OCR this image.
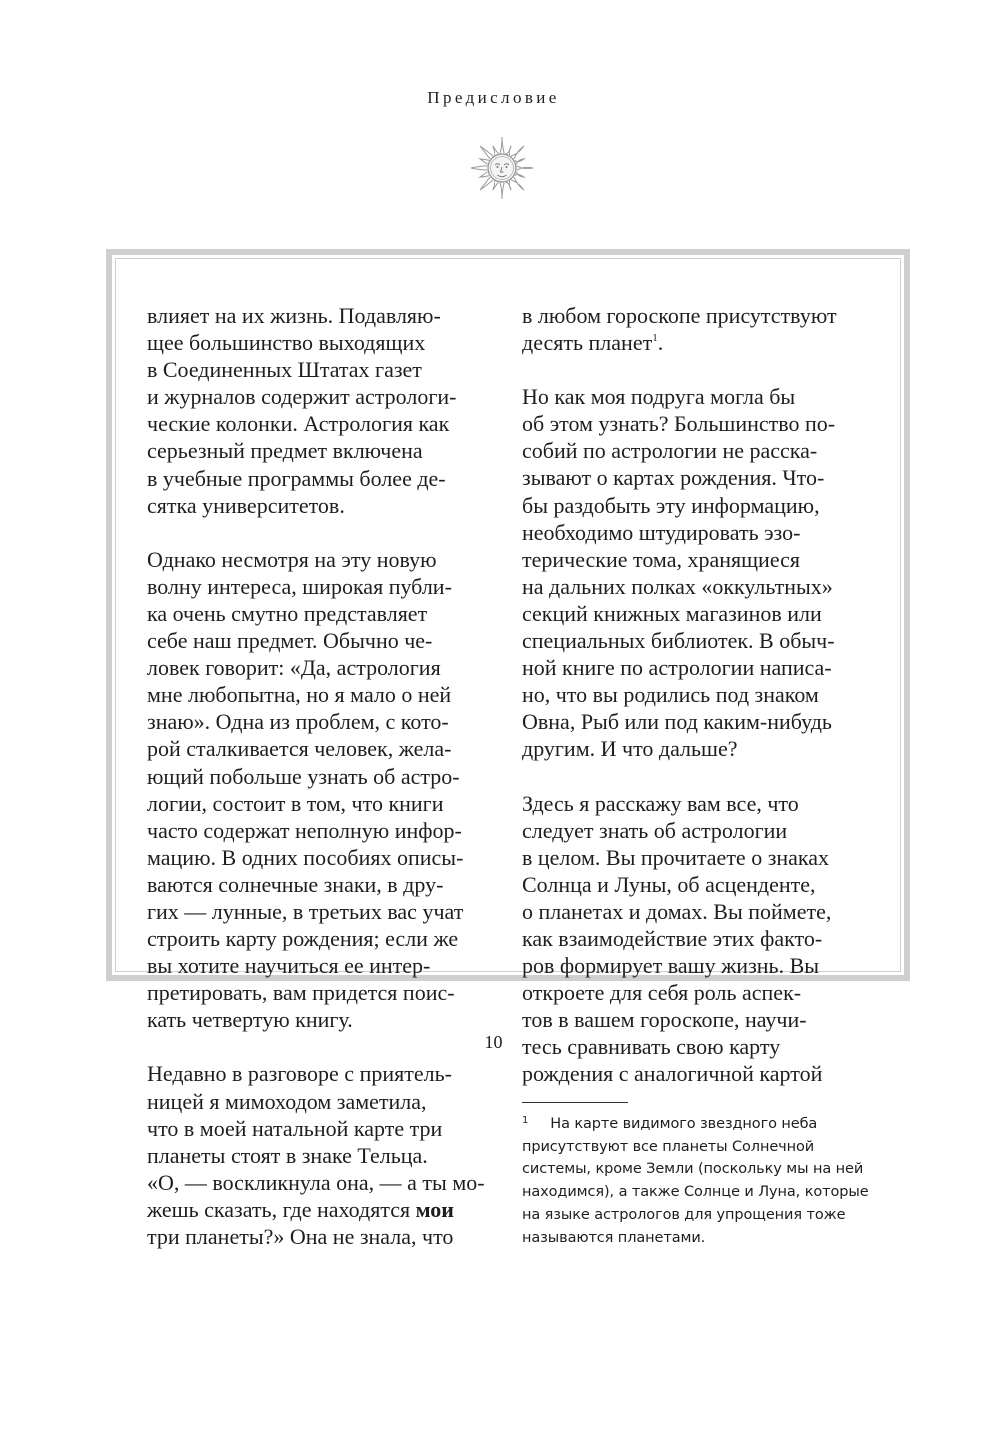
Предисловие

влияет на их жизнь. Подавляю-
щее большинство выходящих
в Соединенных Штатах газет
и журналов содержит астрологи-
ческие колонки. Астрология как
серьезный предмет включена
в учебные программы более де-
сятка университетов.

Однако несмотря на эту новую
волну интереса, широкая публи-
ка очень смутно представляет
себе наш предмет. Обычно че-
ловек говорит: «Да, астрология
мне любопытна, но я мало о ней
знаю». Одна из проблем, с кото-
рой сталкивается человек, жела-
ющий побольше узнать об астро-
логии, состоит в том, что книги
часто содержат неполную инфор-
мацию. В одних пособиях описы-
ваются солнечные знаки, в дру-
гих — лунные, в третьих вас учат
строить карту рождения; если же
вы хотите научиться ее интер-
претировать, вам придется поис-
кать четвертую книгу.

Недавно в разговоре с приятель-
ницей я мимоходом заметила,
что в моей натальной карте три
планеты стоят в знаке Тельца.
«О, — воскликнула она, — а ты мо-
жешь сказать, где находятся мои
три планеты?» Она не знала, что

в любом гороскопе присутствуют
десять планет$^1$.

Но как моя подруга могла бы
об этом узнать? Большинство по-
собий по астрологии не расска-
зывают о картах рождения. Что-
бы раздобыть эту информацию,
необходимо штудировать эзо-
терические тома, хранящиеся
на дальних полках «оккультных»
секций книжных магазинов или
специальных библиотек. В обыч-
ной книге по астрологии написа-
но, что вы родились под знаком
Овна, Рыб или под каким-нибудь
другим. И что дальше?

Здесь я расскажу вам все, что
следует знать об астрологии
в целом. Вы прочитаете о знаках
Солнца и Луны, об асценденте,
о планетах и домах. Вы поймете,
как взаимодействие этих факто-
ров формирует вашу жизнь. Вы
откроете для себя роль аспек-
тов в вашем гороскопе, научи-
тесь сравнивать свою карту
рождения с аналогичной картой

$^1$ На карте видимого звездного неба
присутствуют все планеты Солнечной
системы, кроме Земли (поскольку мы на ней
находимся), а также Солнце и Луна, которые
на языке астрологов для упрощения тоже
называются планетами.
10
